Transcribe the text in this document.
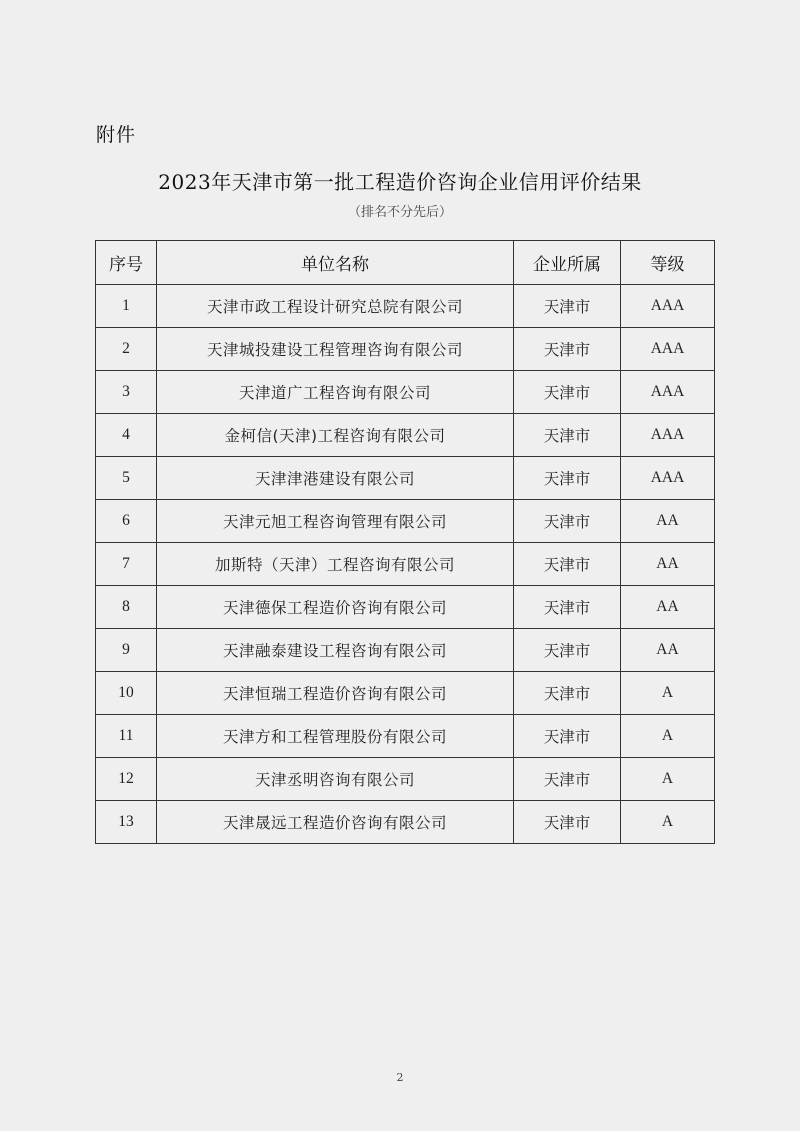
附件
2023年天津市第一批工程造价咨询企业信用评价结果
（排名不分先后）
序号	单位名称	企业所属	等级
1	天津市政工程设计研究总院有限公司	天津市	AAA
2	天津城投建设工程管理咨询有限公司	天津市	AAA
3	天津道广工程咨询有限公司	天津市	AAA
4	金柯信(天津)工程咨询有限公司	天津市	AAA
5	天津津港建设有限公司	天津市	AAA
6	天津元旭工程咨询管理有限公司	天津市	AA
7	加斯特（天津）工程咨询有限公司	天津市	AA
8	天津德保工程造价咨询有限公司	天津市	AA
9	天津融泰建设工程咨询有限公司	天津市	AA
10	天津恒瑞工程造价咨询有限公司	天津市	A
11	天津方和工程管理股份有限公司	天津市	A
12	天津丞明咨询有限公司	天津市	A
13	天津晟远工程造价咨询有限公司	天津市	A
2
